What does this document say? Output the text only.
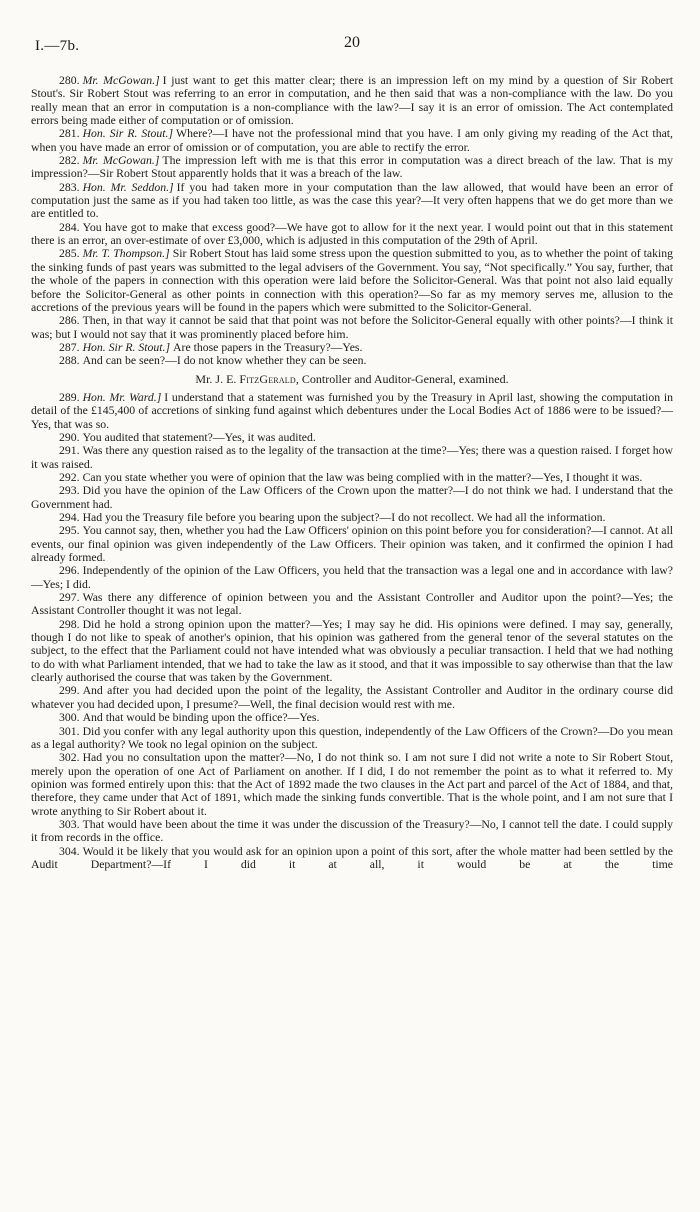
I.—7b.	20

280. Mr. McGowan.] I just want to get this matter clear; there is an impression left on my mind by a question of Sir Robert Stout's. Sir Robert Stout was referring to an error in computation, and he then said that was a non-compliance with the law. Do you really mean that an error in computation is a non-compliance with the law?—I say it is an error of omission. The Act contemplated errors being made either of computation or of omission.

281. Hon. Sir R. Stout.] Where?—I have not the professional mind that you have. I am only giving my reading of the Act that, when you have made an error of omission or of computation, you are able to rectify the error.

282. Mr. McGowan.] The impression left with me is that this error in computation was a direct breach of the law. That is my impression?—Sir Robert Stout apparently holds that it was a breach of the law.

283. Hon. Mr. Seddon.] If you had taken more in your computation than the law allowed, that would have been an error of computation just the same as if you had taken too little, as was the case this year?—It very often happens that we do get more than we are entitled to.

284. You have got to make that excess good?—We have got to allow for it the next year. I would point out that in this statement there is an error, an over-estimate of over £3,000, which is adjusted in this computation of the 29th of April.

285. Mr. T. Thompson.] Sir Robert Stout has laid some stress upon the question submitted to you, as to whether the point of taking the sinking funds of past years was submitted to the legal advisers of the Government. You say, “Not specifically.” You say, further, that the whole of the papers in connection with this operation were laid before the Solicitor-General. Was that point not also laid equally before the Solicitor-General as other points in connection with this operation?—So far as my memory serves me, allusion to the accretions of the previous years will be found in the papers which were submitted to the Solicitor-General.

286. Then, in that way it cannot be said that that point was not before the Solicitor-General equally with other points?—I think it was; but I would not say that it was prominently placed before him.

287. Hon. Sir R. Stout.] Are those papers in the Treasury?—Yes.

288. And can be seen?—I do not know whether they can be seen.

Mr. J. E. FitzGerald, Controller and Auditor-General, examined.

289. Hon. Mr. Ward.] I understand that a statement was furnished you by the Treasury in April last, showing the computation in detail of the £145,400 of accretions of sinking fund against which debentures under the Local Bodies Act of 1886 were to be issued?—Yes, that was so.

290. You audited that statement?—Yes, it was audited.

291. Was there any question raised as to the legality of the transaction at the time?—Yes; there was a question raised. I forget how it was raised.

292. Can you state whether you were of opinion that the law was being complied with in the matter?—Yes, I thought it was.

293. Did you have the opinion of the Law Officers of the Crown upon the matter?—I do not think we had. I understand that the Government had.

294. Had you the Treasury file before you bearing upon the subject?—I do not recollect. We had all the information.

295. You cannot say, then, whether you had the Law Officers' opinion on this point before you for consideration?—I cannot. At all events, our final opinion was given independently of the Law Officers. Their opinion was taken, and it confirmed the opinion I had already formed.

296. Independently of the opinion of the Law Officers, you held that the transaction was a legal one and in accordance with law?—Yes; I did.

297. Was there any difference of opinion between you and the Assistant Controller and Auditor upon the point?—Yes; the Assistant Controller thought it was not legal.

298. Did he hold a strong opinion upon the matter?—Yes; I may say he did. His opinions were defined. I may say, generally, though I do not like to speak of another's opinion, that his opinion was gathered from the general tenor of the several statutes on the subject, to the effect that the Parliament could not have intended what was obviously a peculiar transaction. I held that we had nothing to do with what Parliament intended, that we had to take the law as it stood, and that it was impossible to say otherwise than that the law clearly authorised the course that was taken by the Government.

299. And after you had decided upon the point of the legality, the Assistant Controller and Auditor in the ordinary course did whatever you had decided upon, I presume?—Well, the final decision would rest with me.

300. And that would be binding upon the office?—Yes.

301. Did you confer with any legal authority upon this question, independently of the Law Officers of the Crown?—Do you mean as a legal authority? We took no legal opinion on the subject.

302. Had you no consultation upon the matter?—No, I do not think so. I am not sure I did not write a note to Sir Robert Stout, merely upon the operation of one Act of Parliament on another. If I did, I do not remember the point as to what it referred to. My opinion was formed entirely upon this: that the Act of 1892 made the two clauses in the Act part and parcel of the Act of 1884, and that, therefore, they came under that Act of 1891, which made the sinking funds convertible. That is the whole point, and I am not sure that I wrote anything to Sir Robert about it.

303. That would have been about the time it was under the discussion of the Treasury?—No, I cannot tell the date. I could supply it from records in the office.

304. Would it be likely that you would ask for an opinion upon a point of this sort, after the whole matter had been settled by the Audit Department?—If I did it at all, it would be at the time
